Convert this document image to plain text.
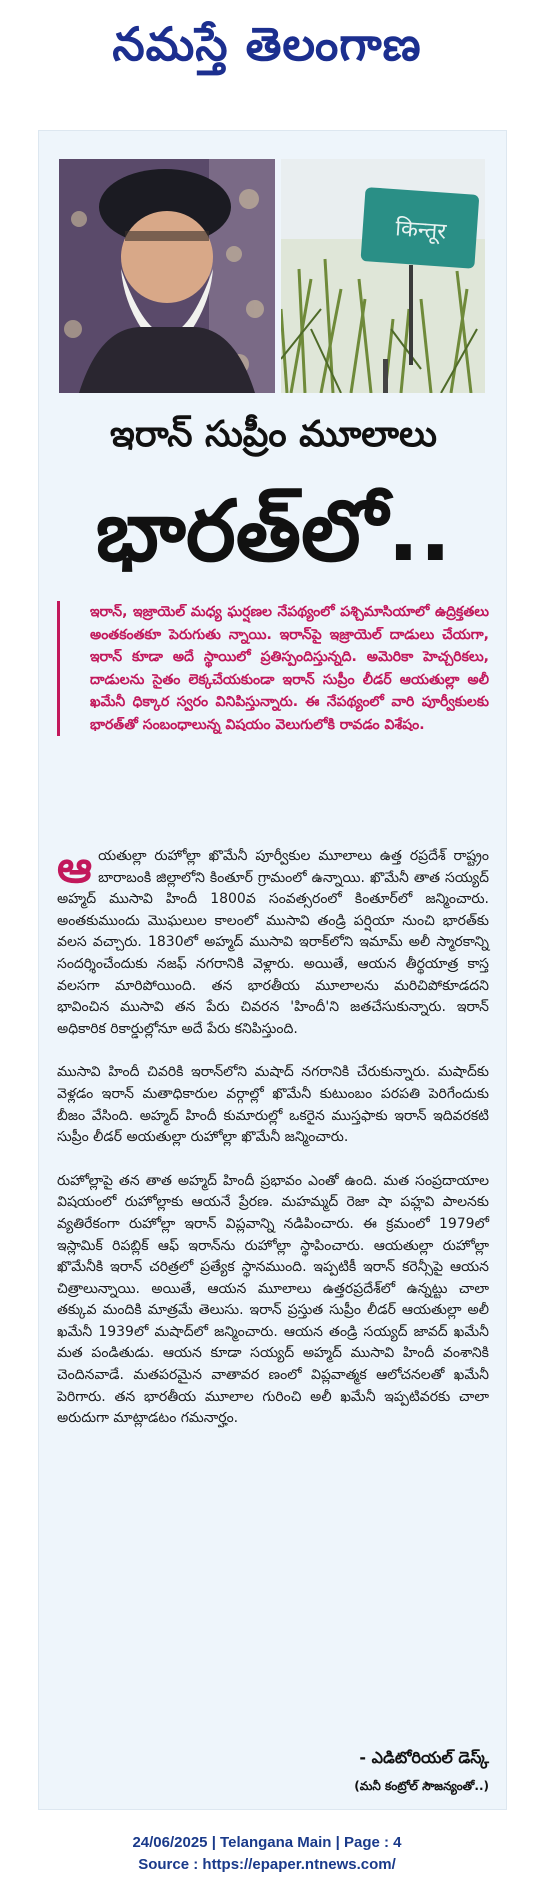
నమస్తే తెలంగాణ
किन्तूर
ఇరాన్ సుప్రీం మూలాలు
భారత్‌లో..

ఇరాన్, ఇజ్రాయెల్ మధ్య ఘర్షణల నేపథ్యంలో పశ్చిమాసియాలో ఉద్రిక్తతలు అంతకంతకూ పెరుగుతు న్నాయి. ఇరాన్‌పై ఇజ్రాయెల్ దాడులు చేయగా, ఇరాన్ కూడా అదే స్థాయిలో ప్రతిస్పందిస్తున్నది. అమెరికా హెచ్చరికలు, దాడులను సైతం లెక్కచేయకుండా ఇరాన్ సుప్రీం లీడర్ ఆయతుల్లా అలీ ఖమేనీ ధిక్కార స్వరం వినిపిస్తున్నారు. ఈ నేపథ్యంలో వారి పూర్వీకులకు భారత్‌తో సంబంధాలున్న విషయం వెలుగులోకి రావడం విశేషం.

ఆయతుల్లా రుహోల్లా ఖొమేనీ పూర్వీకుల మూలాలు ఉత్త రప్రదేశ్ రాష్ట్రం బారాబంకి జిల్లాలోని కింతూర్ గ్రామంలో ఉన్నాయి. ఖొమేనీ తాత సయ్యద్ అహ్మద్ ముసావి హిందీ 1800వ సంవత్సరంలో కింతూర్‌లో జన్మించారు. అంతకుముందు మొఘలుల కాలంలో ముసావి తండ్రి పర్షియా నుంచి భారత్‌కు వలస వచ్చారు. 1830లో అహ్మద్ ముసావి ఇరాక్‌లోని ఇమామ్ అలీ స్మారకాన్ని సందర్శించేందుకు నజఫ్ నగరానికి వెళ్లారు. అయితే, ఆయన తీర్థయాత్ర కాస్త వలసగా మారిపోయింది. తన భారతీయ మూలాలను మరిచిపోకూడదని భావించిన ముసావి తన పేరు చివరన 'హిందీ'ని జతచేసుకున్నారు. ఇరాన్ అధికారిక రికార్డుల్లోనూ అదే పేరు కనిపిస్తుంది.

ముసావి హిందీ చివరికి ఇరాన్‌లోని మషాద్ నగరానికి చేరుకున్నారు. మషాద్‌కు వెళ్లడం ఇరాన్ మతాధికారుల వర్గాల్లో ఖొమేనీ కుటుంబం పరపతి పెరిగేందుకు బీజం వేసింది. అహ్మద్ హిందీ కుమారుల్లో ఒకరైన ముస్తఫాకు ఇరాన్ ఇదివరకటి సుప్రీం లీడర్ అయతుల్లా రుహోల్లా ఖొమేనీ జన్మించారు.

రుహోల్లాపై తన తాత అహ్మద్ హిందీ ప్రభావం ఎంతో ఉంది. మత సంప్రదాయాల విషయంలో రుహోల్లాకు ఆయనే ప్రేరణ. మహమ్మద్ రెజా షా పహ్లవి పాలనకు వ్యతిరేకంగా రుహోల్లా ఇరాన్ విప్లవాన్ని నడిపించారు. ఈ క్రమంలో 1979లో ఇస్లామిక్ రిపబ్లిక్ ఆఫ్ ఇరాన్‌ను రుహోల్లా స్థాపించారు. ఆయతుల్లా రుహోల్లా ఖొమేనీకి ఇరాన్ చరిత్రలో ప్రత్యేక స్థానముంది. ఇప్పటికీ ఇరాన్ కరెన్సీపై ఆయన చిత్రాలున్నాయి. అయితే, ఆయన మూలాలు ఉత్తరప్రదేశ్‌లో ఉన్నట్టు చాలా తక్కువ మందికి మాత్రమే తెలుసు. ఇరాన్ ప్రస్తుత సుప్రీం లీడర్ ఆయతుల్లా అలీ ఖమేనీ 1939లో మషాద్‌లో జన్మించారు. ఆయన తండ్రి సయ్యద్ జావద్ ఖమేనీ మత పండితుడు. ఆయన కూడా సయ్యద్ అహ్మద్ ముసావి హిందీ వంశానికి చెందినవాడే. మతపరమైన వాతావర ణంలో విప్లవాత్మక ఆలోచనలతో ఖమేనీ పెరిగారు. తన భారతీయ మూలాల గురించి అలీ ఖమేనీ ఇప్పటివరకు చాలా అరుదుగా మాట్లాడటం గమనార్హం.

- ఎడిటోరియల్ డెస్క్
(మనీ కంట్రోల్ సౌజన్యంతో..)
24/06/2025 | Telangana Main | Page : 4
Source : https://epaper.ntnews.com/
